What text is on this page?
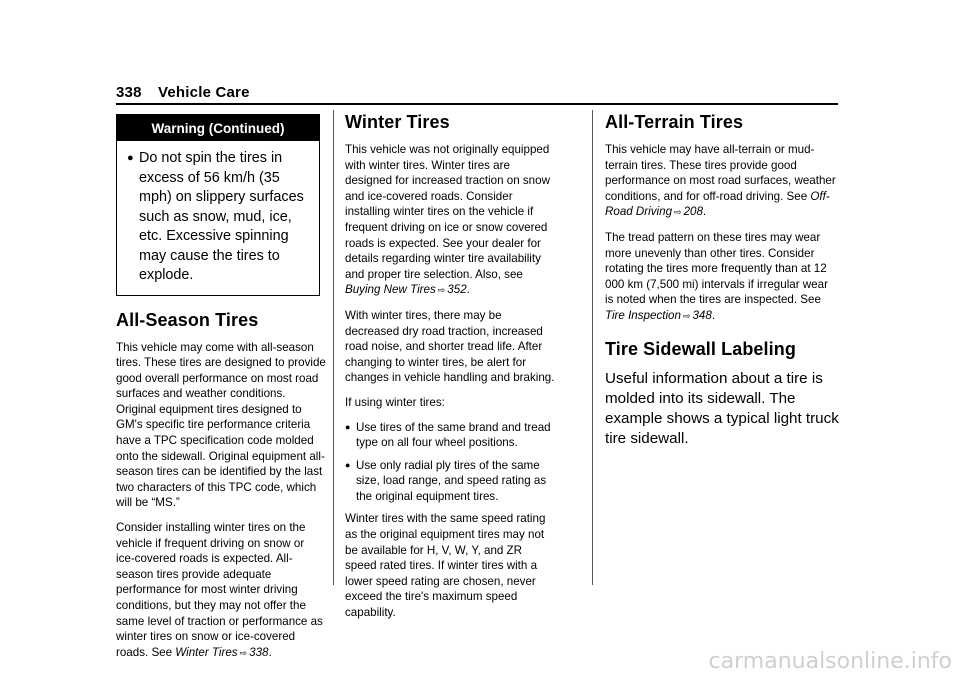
338 Vehicle Care
Warning (Continued)
● Do not spin the tires in excess of 56 km/h (35 mph) on slippery surfaces such as snow, mud, ice, etc. Excessive spinning may cause the tires to explode.
All-Season Tires

This vehicle may come with all-season tires. These tires are designed to provide good overall performance on most road surfaces and weather conditions. Original equipment tires designed to GM's specific tire performance criteria have a TPC specification code molded onto the sidewall. Original equipment all-season tires can be identified by the last two characters of this TPC code, which will be “MS.”

Consider installing winter tires on the vehicle if frequent driving on snow or ice-covered roads is expected. All-season tires provide adequate performance for most winter driving conditions, but they may not offer the same level of traction or performance as winter tires on snow or ice-covered roads. See Winter Tires ⇨ 338.

Winter Tires

This vehicle was not originally equipped with winter tires. Winter tires are designed for increased traction on snow and ice-covered roads. Consider installing winter tires on the vehicle if frequent driving on ice or snow covered roads is expected. See your dealer for details regarding winter tire availability and proper tire selection. Also, see Buying New Tires ⇨ 352.

With winter tires, there may be decreased dry road traction, increased road noise, and shorter tread life. After changing to winter tires, be alert for changes in vehicle handling and braking.

If using winter tires:

● Use tires of the same brand and tread type on all four wheel positions.
● Use only radial ply tires of the same size, load range, and speed rating as the original equipment tires.

Winter tires with the same speed rating as the original equipment tires may not be available for H, V, W, Y, and ZR speed rated tires. If winter tires with a lower speed rating are chosen, never exceed the tire's maximum speed capability.

All-Terrain Tires

This vehicle may have all-terrain or mud-terrain tires. These tires provide good performance on most road surfaces, weather conditions, and for off-road driving. See Off-Road Driving ⇨ 208.

The tread pattern on these tires may wear more unevenly than other tires. Consider rotating the tires more frequently than at 12 000 km (7,500 mi) intervals if irregular wear is noted when the tires are inspected. See Tire Inspection ⇨ 348.

Tire Sidewall Labeling

Useful information about a tire is molded into its sidewall. The example shows a typical light truck tire sidewall.

carmanualsonline.info
